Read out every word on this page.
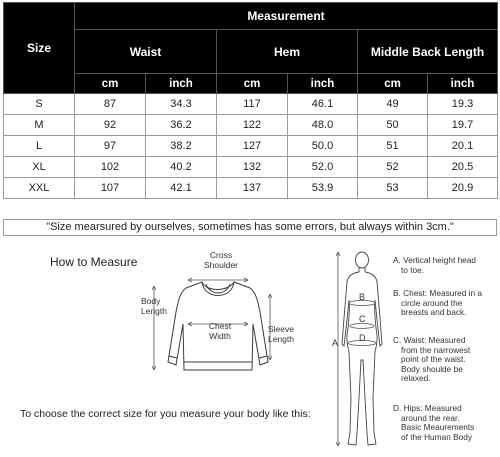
Size	Measurement					
	Waist		Hem		Middle Back Length	
	cm	inch	cm	inch	cm	inch
S	87	34.3	117	46.1	49	19.3
M	92	36.2	122	48.0	50	19.7
L	97	38.2	127	50.0	51	20.1
XL	102	40.2	132	52.0	52	20.5
XXL	107	42.1	137	53.9	53	20.9
"Size mearsured by ourselves, sometimes has some errors, but always within 3cm."
How to Measure	Cross
Shoulder
Body
Length
Chest
Width
Sleeve
Length
To choose the correct size for you measure your body like this:
A
B
C
D
A. Vertical height head
to toe.
B. Chest: Measured in a
circle around the
breasts and back.
C. Waist: Measured
from the narrowest
point of the waist.
Body shoulde be
relaxed.
D. Hips: Measured
around the rear.
Basic Meaurements
of the Human Body
